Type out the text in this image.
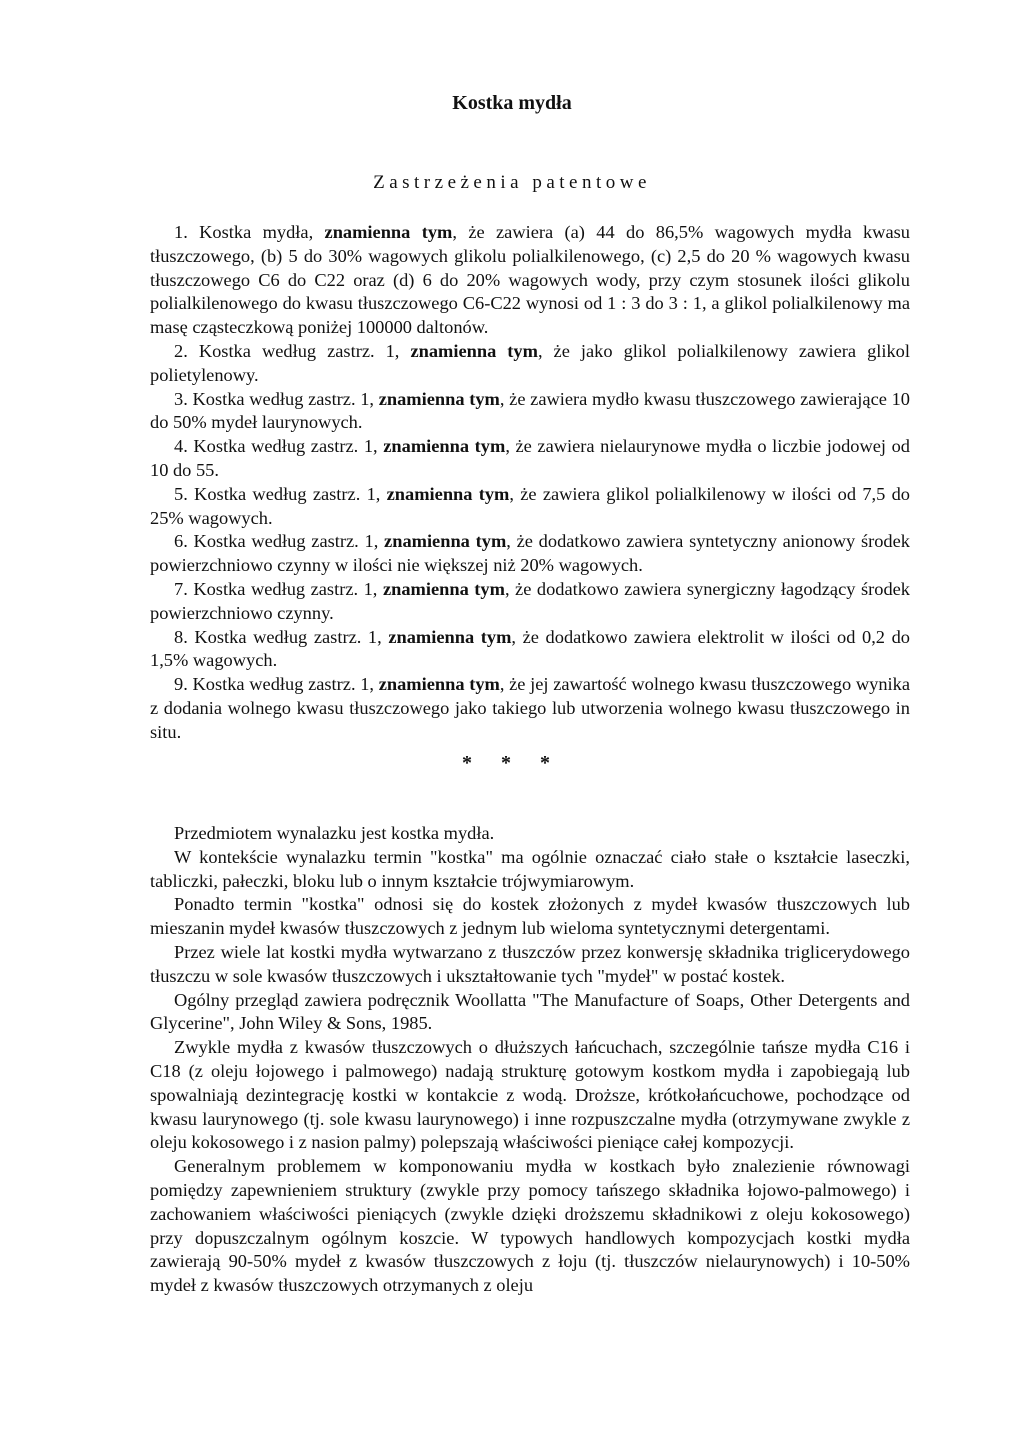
Kostka mydła
Zastrzeżenia patentowe

1. Kostka mydła, znamienna tym, że zawiera (a) 44 do 86,5% wagowych mydła kwasu tłuszczowego, (b) 5 do 30% wagowych glikolu polialkilenowego, (c) 2,5 do 20 % wagowych kwasu tłuszczowego C6 do C22 oraz (d) 6 do 20% wagowych wody, przy czym stosunek ilości glikolu polialkilenowego do kwasu tłuszczowego C6-C22 wynosi od 1 : 3 do 3 : 1, a glikol polialkilenowy ma masę cząsteczkową poniżej 100000 daltonów.

2. Kostka według zastrz. 1, znamienna tym, że jako glikol polialkilenowy zawiera glikol polietylenowy.

3. Kostka według zastrz. 1, znamienna tym, że zawiera mydło kwasu tłuszczowego zawierające 10 do 50% mydeł laurynowych.

4. Kostka według zastrz. 1, znamienna tym, że zawiera nielaurynowe mydła o liczbie jodowej od 10 do 55.

5. Kostka według zastrz. 1, znamienna tym, że zawiera glikol polialkilenowy w ilości od 7,5 do 25% wagowych.

6. Kostka według zastrz. 1, znamienna tym, że dodatkowo zawiera syntetyczny anionowy środek powierzchniowo czynny w ilości nie większej niż 20% wagowych.

7. Kostka według zastrz. 1, znamienna tym, że dodatkowo zawiera synergiczny łagodzący środek powierzchniowo czynny.

8. Kostka według zastrz. 1, znamienna tym, że dodatkowo zawiera elektrolit w ilości od 0,2 do 1,5% wagowych.

9. Kostka według zastrz. 1, znamienna tym, że jej zawartość wolnego kwasu tłuszczowego wynika z dodania wolnego kwasu tłuszczowego jako takiego lub utworzenia wolnego kwasu tłuszczowego in situ.

* * *

Przedmiotem wynalazku jest kostka mydła.

W kontekście wynalazku termin "kostka" ma ogólnie oznaczać ciało stałe o kształcie laseczki, tabliczki, pałeczki, bloku lub o innym kształcie trójwymiarowym.

Ponadto termin "kostka" odnosi się do kostek złożonych z mydeł kwasów tłuszczowych lub mieszanin mydeł kwasów tłuszczowych z jednym lub wieloma syntetycznymi detergentami.

Przez wiele lat kostki mydła wytwarzano z tłuszczów przez konwersję składnika triglicerydowego tłuszczu w sole kwasów tłuszczowych i ukształtowanie tych "mydeł" w postać kostek.

Ogólny przegląd zawiera podręcznik Woollatta "The Manufacture of Soaps, Other Detergents and Glycerine", John Wiley & Sons, 1985.

Zwykle mydła z kwasów tłuszczowych o dłuższych łańcuchach, szczególnie tańsze mydła C16 i C18 (z oleju łojowego i palmowego) nadają strukturę gotowym kostkom mydła i zapobiegają lub spowalniają dezintegrację kostki w kontakcie z wodą. Droższe, krótkołańcuchowe, pochodzące od kwasu laurynowego (tj. sole kwasu laurynowego) i inne rozpuszczalne mydła (otrzymywane zwykle z oleju kokosowego i z nasion palmy) polepszają właściwości pieniące całej kompozycji.

Generalnym problemem w komponowaniu mydła w kostkach było znalezienie równowagi pomiędzy zapewnieniem struktury (zwykle przy pomocy tańszego składnika łojowo-palmowego) i zachowaniem właściwości pieniących (zwykle dzięki droższemu składnikowi z oleju kokosowego) przy dopuszczalnym ogólnym koszcie. W typowych handlowych kompozycjach kostki mydła zawierają 90-50% mydeł z kwasów tłuszczowych z łoju (tj. tłuszczów nielaurynowych) i 10-50% mydeł z kwasów tłuszczowych otrzymanych z oleju
